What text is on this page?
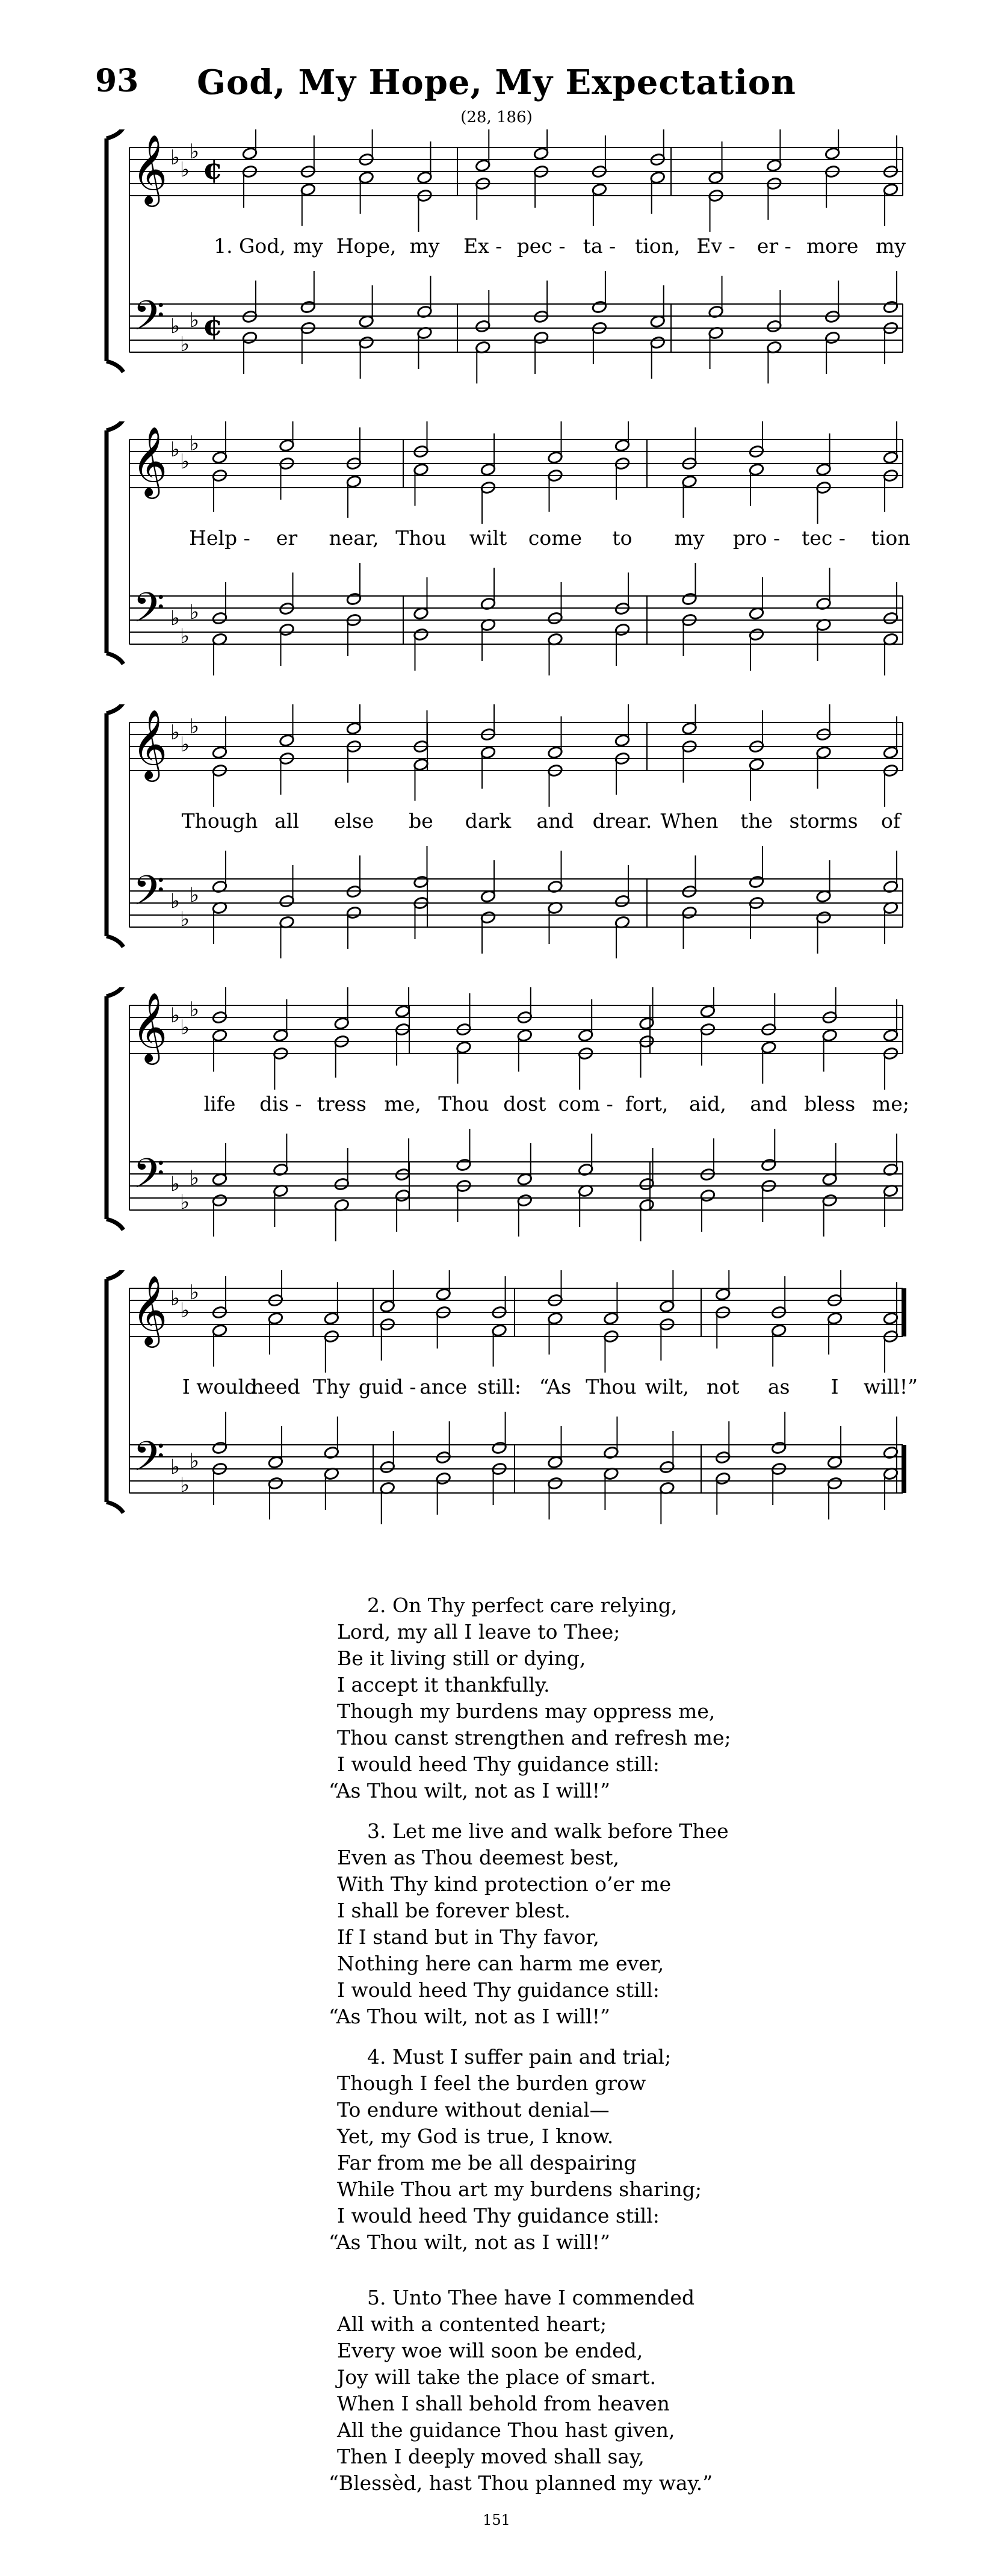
93	God, My Hope, My Expectation
(28, 186)
𝄞
𝄢
♭ ♭
♭
♭
♭
♭
¢
¢
1. God, my Hope, my Ex - pec - ta - tion, Ev - er - more my
𝄞
𝄢
♭ ♭
♭
♭
♭
♭
Help - er near, Thou wilt come to my pro - tec - tion
𝄞
𝄢
♭ ♭
♭
♭
♭
♭
Though all else be dark and drear. When the storms of
𝄞
𝄢
♭ ♭
♭
♭
♭
♭
life dis - tress me, Thou dost com - fort, aid, and bless me;
𝄞
𝄢
♭ ♭
♭
♭
♭
♭
I would
heed Thy guid - ance still: “As Thou wilt, not as I will!”
2. On Thy perfect care relying,
Lord, my all I leave to Thee;
Be it living still or dying,
I accept it thankfully.
Though my burdens may oppress me,
Thou canst strengthen and refresh me;
I would heed Thy guidance still:
“As Thou wilt, not as I will!”
3. Let me live and walk before Thee
Even as Thou deemest best,
With Thy kind protection o’er me
I shall be forever blest.
If I stand but in Thy favor,
Nothing here can harm me ever,
I would heed Thy guidance still:
“As Thou wilt, not as I will!”
4. Must I suffer pain and trial;
Though I feel the burden grow
To endure without denial—
Yet, my God is true, I know.
Far from me be all despairing
While Thou art my burdens sharing;
I would heed Thy guidance still:
“As Thou wilt, not as I will!”
5. Unto Thee have I commended
All with a contented heart;
Every woe will soon be ended,
Joy will take the place of smart.
When I shall behold from heaven
All the guidance Thou hast given,
Then I deeply moved shall say,
“Blessèd, hast Thou planned my way.”
151
